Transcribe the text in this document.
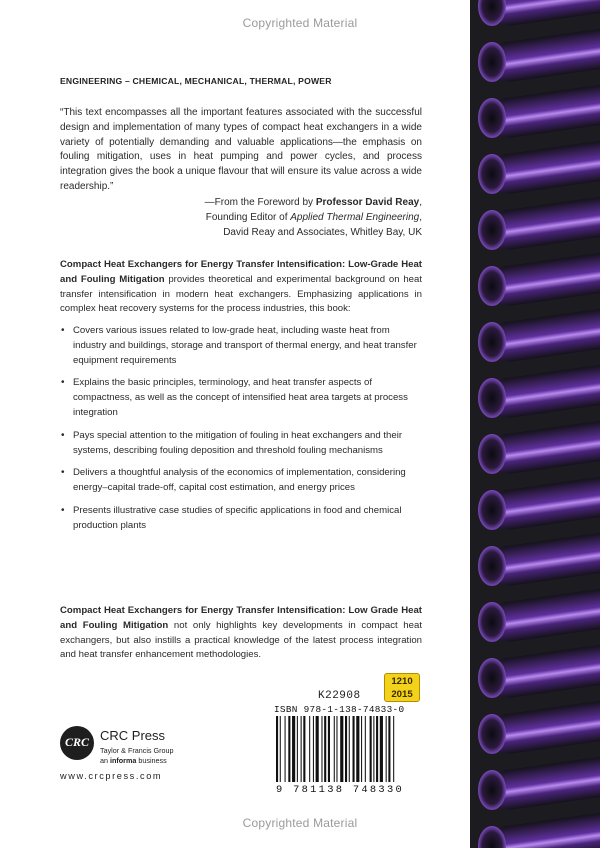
Copyrighted Material
ENGINEERING – CHEMICAL, MECHANICAL, THERMAL, POWER
“This text encompasses all the important features associated with the successful design and implementation of many types of compact heat exchangers in a wide variety of potentially demanding and valuable applications—the emphasis on fouling mitigation, uses in heat pumping and power cycles, and process integration gives the book a unique flavour that will ensure its value across a wide readership.”
—From the Foreword by Professor David Reay,
Founding Editor of Applied Thermal Engineering,
David Reay and Associates, Whitley Bay, UK
Compact Heat Exchangers for Energy Transfer Intensification: Low-Grade Heat and Fouling Mitigation provides theoretical and experimental background on heat transfer intensification in modern heat exchangers. Emphasizing applications in complex heat recovery systems for the process industries, this book:
• Covers various issues related to low-grade heat, including waste heat from industry and buildings, storage and transport of thermal energy, and heat transfer equipment requirements
• Explains the basic principles, terminology, and heat transfer aspects of compactness, as well as the concept of intensified heat area targets at process integration
• Pays special attention to the mitigation of fouling in heat exchangers and their systems, describing fouling deposition and threshold fouling mechanisms
• Delivers a thoughtful analysis of the economics of implementation, considering energy–capital trade-off, capital cost estimation, and energy prices
• Presents illustrative case studies of specific applications in food and chemical production plants
Compact Heat Exchangers for Energy Transfer Intensification: Low Grade Heat and Fouling Mitigation not only highlights key developments in compact heat exchangers, but also instills a practical knowledge of the latest process integration and heat transfer enhancement methodologies.
CRC CRC Press
Taylor & Francis Group
an informa business
www.crcpress.com
K22908
1210
2015
ISBN 978-1-138-74833-0
9 781138 748330
Copyrighted Material
